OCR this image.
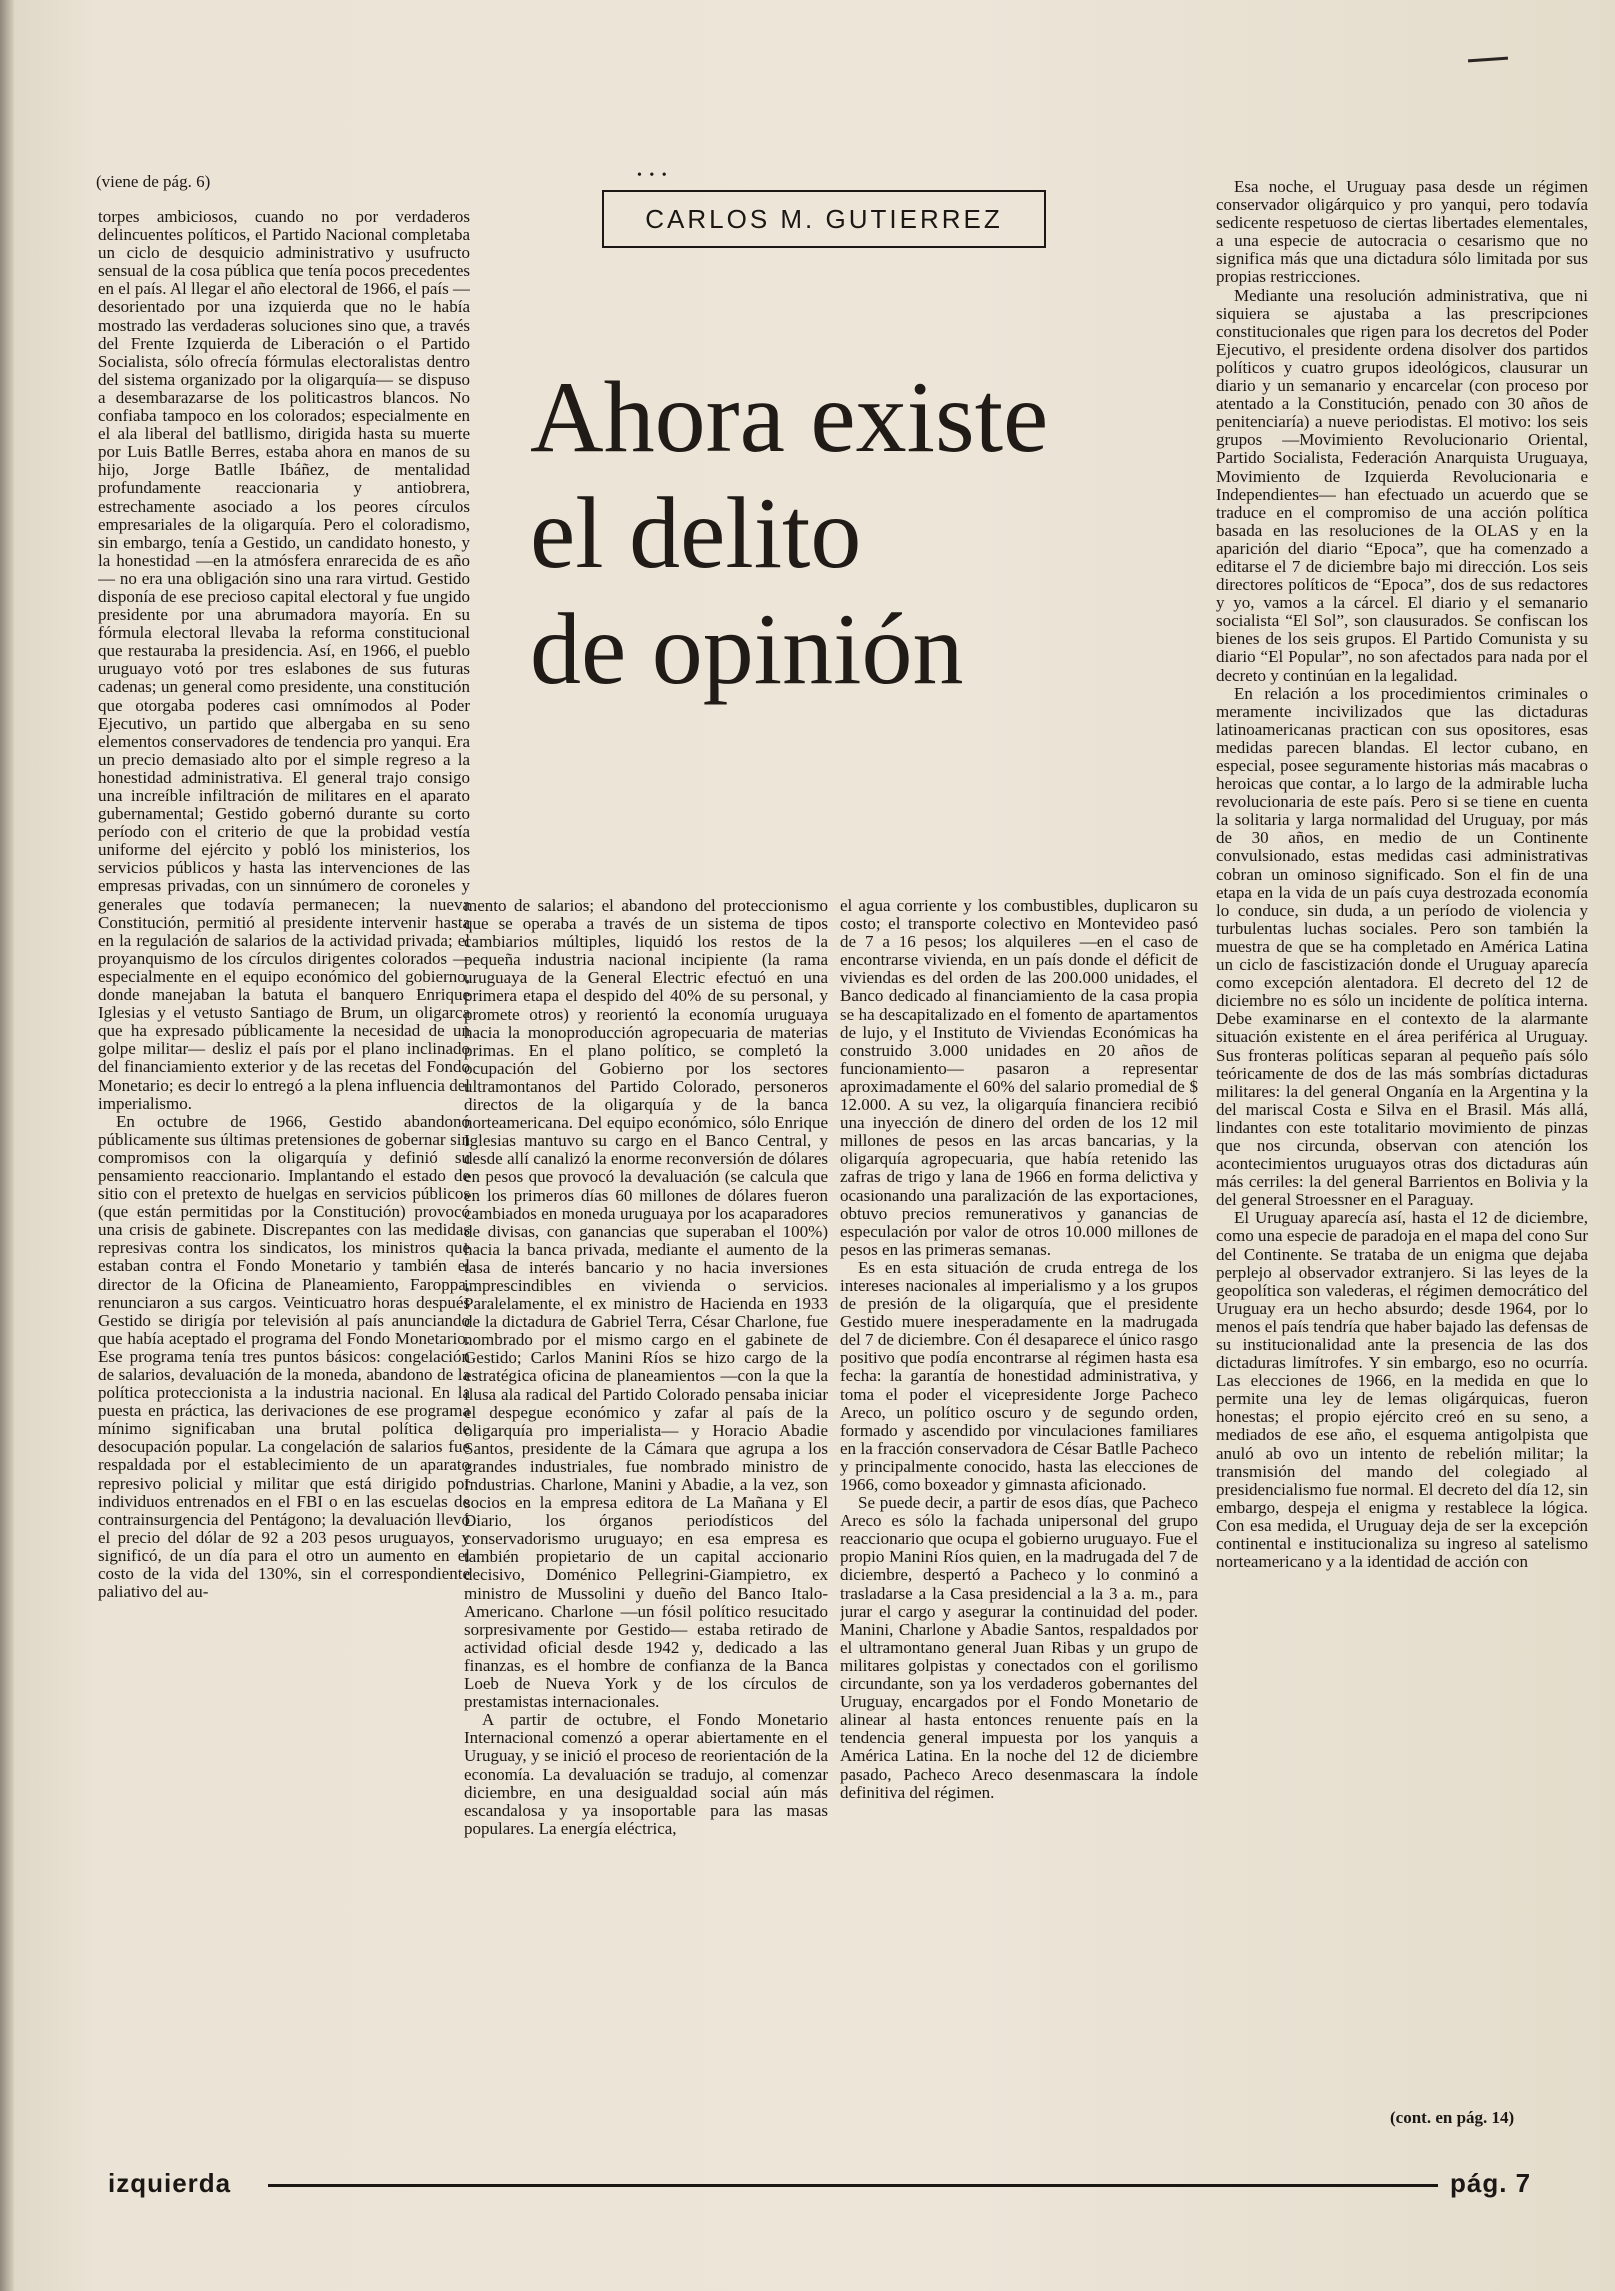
(viene de pág. 6)	• • •
CARLOS M. GUTIERREZ
Ahora existe
el delito
de opinión

torpes ambiciosos, cuando no por verdaderos delincuentes políticos, el Partido Nacional completaba un ciclo de desquicio administrativo y usufructo sensual de la cosa pública que tenía pocos precedentes en el país. Al llegar el año electoral de 1966, el país —desorientado por una izquierda que no le había mostrado las verdaderas soluciones sino que, a través del Frente Izquierda de Liberación o el Partido Socialista, sólo ofrecía fórmulas electoralistas dentro del sistema organizado por la oligarquía— se dispuso a desembarazarse de los politicastros blancos. No confiaba tampoco en los colorados; especialmente en el ala liberal del batllismo, dirigida hasta su muerte por Luis Batlle Berres, estaba ahora en manos de su hijo, Jorge Batlle Ibáñez, de mentalidad profundamente reaccionaria y antiobrera, estrechamente asociado a los peores círculos empresariales de la oligarquía. Pero el coloradismo, sin embargo, tenía a Gestido, un candidato honesto, y la honestidad —en la atmósfera enrarecida de es año— no era una obligación sino una rara virtud. Gestido disponía de ese precioso capital electoral y fue ungido presidente por una abrumadora mayoría. En su fórmula electoral llevaba la reforma constitucional que restauraba la presidencia. Así, en 1966, el pueblo uruguayo votó por tres eslabones de sus futuras cadenas; un general como presidente, una constitución que otorgaba poderes casi omnímodos al Poder Ejecutivo, un partido que albergaba en su seno elementos conservadores de tendencia pro yanqui. Era un precio demasiado alto por el simple regreso a la honestidad administrativa. El general trajo consigo una increíble infiltración de militares en el aparato gubernamental; Gestido gobernó durante su corto período con el criterio de que la probidad vestía uniforme del ejército y pobló los ministerios, los servicios públicos y hasta las intervenciones de las empresas privadas, con un sinnúmero de coroneles y generales que todavía permanecen; la nueva Constitución, permitió al presidente intervenir hasta en la regulación de salarios de la actividad privada; el proyanquismo de los círculos dirigentes colorados —especialmente en el equipo económico del gobierno, donde manejaban la batuta el banquero Enrique Iglesias y el vetusto Santiago de Brum, un oligarca que ha expresado públicamente la necesidad de un golpe militar— desliz el país por el plano inclinado del financiamiento exterior y de las recetas del Fondo Monetario; es decir lo entregó a la plena influencia del imperialismo.

En octubre de 1966, Gestido abandonó públicamente sus últimas pretensiones de gobernar sin compromisos con la oligarquía y definió su pensamiento reaccionario. Implantando el estado de sitio con el pretexto de huelgas en servicios públicos (que están permitidas por la Constitución) provocó una crisis de gabinete. Discrepantes con las medidas represivas contra los sindicatos, los ministros que estaban contra el Fondo Monetario y también el director de la Oficina de Planeamiento, Faroppa, renunciaron a sus cargos. Veinticuatro horas después Gestido se dirigía por televisión al país anunciando que había aceptado el programa del Fondo Monetario. Ese programa tenía tres puntos básicos: congelación de salarios, devaluación de la moneda, abandono de la política proteccionista a la industria nacional. En la puesta en práctica, las derivaciones de ese programa mínimo significaban una brutal política de desocupación popular. La congelación de salarios fue respaldada por el establecimiento de un aparato represivo policial y militar que está dirigido por individuos entrenados en el FBI o en las escuelas de contrainsurgencia del Pentágono; la devaluación llevó el precio del dólar de 92 a 203 pesos uruguayos, y significó, de un día para el otro un aumento en el costo de la vida del 130%, sin el correspondiente paliativo del au-

mento de salarios; el abandono del proteccionismo que se operaba a través de un sistema de tipos cambiarios múltiples, liquidó los restos de la pequeña industria nacional incipiente (la rama uruguaya de la General Electric efectuó en una primera etapa el despido del 40% de su personal, y promete otros) y reorientó la economía uruguaya hacia la monoproducción agropecuaria de materias primas. En el plano político, se completó la ocupación del Gobierno por los sectores ultramontanos del Partido Colorado, personeros directos de la oligarquía y de la banca norteamericana. Del equipo económico, sólo Enrique Iglesias mantuvo su cargo en el Banco Central, y desde allí canalizó la enorme reconversión de dólares en pesos que provocó la devaluación (se calcula que en los primeros días 60 millones de dólares fueron cambiados en moneda uruguaya por los acaparadores de divisas, con ganancias que superaban el 100%) hacia la banca privada, mediante el aumento de la tasa de interés bancario y no hacia inversiones imprescindibles en vivienda o servicios. Paralelamente, el ex ministro de Hacienda en 1933 de la dictadura de Gabriel Terra, César Charlone, fue nombrado por el mismo cargo en el gabinete de Gestido; Carlos Manini Ríos se hizo cargo de la estratégica oficina de planeamientos —con la que la ilusa ala radical del Partido Colorado pensaba iniciar el despegue económico y zafar al país de la oligarquía pro imperialista— y Horacio Abadie Santos, presidente de la Cámara que agrupa a los grandes industriales, fue nombrado ministro de Industrias. Charlone, Manini y Abadie, a la vez, son socios en la empresa editora de La Mañana y El Diario, los órganos periodísticos del conservadorismo uruguayo; en esa empresa es también propietario de un capital accionario decisivo, Doménico Pellegrini-Giampietro, ex ministro de Mussolini y dueño del Banco Italo-Americano. Charlone —un fósil político resucitado sorpresivamente por Gestido— estaba retirado de actividad oficial desde 1942 y, dedicado a las finanzas, es el hombre de confianza de la Banca Loeb de Nueva York y de los círculos de prestamistas internacionales.

A partir de octubre, el Fondo Monetario Internacional comenzó a operar abiertamente en el Uruguay, y se inició el proceso de reorientación de la economía. La devaluación se tradujo, al comenzar diciembre, en una desigualdad social aún más escandalosa y ya insoportable para las masas populares. La energía eléctrica,

el agua corriente y los combustibles, duplicaron su costo; el transporte colectivo en Montevideo pasó de 7 a 16 pesos; los alquileres —en el caso de encontrarse vivienda, en un país donde el déficit de viviendas es del orden de las 200.000 unidades, el Banco dedicado al financiamiento de la casa propia se ha descapitalizado en el fomento de apartamentos de lujo, y el Instituto de Viviendas Económicas ha construido 3.000 unidades en 20 años de funcionamiento— pasaron a representar aproximadamente el 60% del salario promedial de $ 12.000. A su vez, la oligarquía financiera recibió una inyección de dinero del orden de los 12 mil millones de pesos en las arcas bancarias, y la oligarquía agropecuaria, que había retenido las zafras de trigo y lana de 1966 en forma delictiva y ocasionando una paralización de las exportaciones, obtuvo precios remunerativos y ganancias de especulación por valor de otros 10.000 millones de pesos en las primeras semanas.

Es en esta situación de cruda entrega de los intereses nacionales al imperialismo y a los grupos de presión de la oligarquía, que el presidente Gestido muere inesperadamente en la madrugada del 7 de diciembre. Con él desaparece el único rasgo positivo que podía encontrarse al régimen hasta esa fecha: la garantía de honestidad administrativa, y toma el poder el vicepresidente Jorge Pacheco Areco, un político oscuro y de segundo orden, formado y ascendido por vinculaciones familiares en la fracción conservadora de César Batlle Pacheco y principalmente conocido, hasta las elecciones de 1966, como boxeador y gimnasta aficionado.

Se puede decir, a partir de esos días, que Pacheco Areco es sólo la fachada unipersonal del grupo reaccionario que ocupa el gobierno uruguayo. Fue el propio Manini Ríos quien, en la madrugada del 7 de diciembre, despertó a Pacheco y lo conminó a trasladarse a la Casa presidencial a la 3 a. m., para jurar el cargo y asegurar la continuidad del poder. Manini, Charlone y Abadie Santos, respaldados por el ultramontano general Juan Ribas y un grupo de militares golpistas y conectados con el gorilismo circundante, son ya los verdaderos gobernantes del Uruguay, encargados por el Fondo Monetario de alinear al hasta entonces renuente país en la tendencia general impuesta por los yanquis a América Latina. En la noche del 12 de diciembre pasado, Pacheco Areco desenmascara la índole definitiva del régimen.

Esa noche, el Uruguay pasa desde un régimen conservador oligárquico y pro yanqui, pero todavía sedicente respetuoso de ciertas libertades elementales, a una especie de autocracia o cesarismo que no significa más que una dictadura sólo limitada por sus propias restricciones.

Mediante una resolución administrativa, que ni siquiera se ajustaba a las prescripciones constitucionales que rigen para los decretos del Poder Ejecutivo, el presidente ordena disolver dos partidos políticos y cuatro grupos ideológicos, clausurar un diario y un semanario y encarcelar (con proceso por atentado a la Constitución, penado con 30 años de penitenciaría) a nueve periodistas. El motivo: los seis grupos —Movimiento Revolucionario Oriental, Partido Socialista, Federación Anarquista Uruguaya, Movimiento de Izquierda Revolucionaria e Independientes— han efectuado un acuerdo que se traduce en el compromiso de una acción política basada en las resoluciones de la OLAS y en la aparición del diario “Epoca”, que ha comenzado a editarse el 7 de diciembre bajo mi dirección. Los seis directores políticos de “Epoca”, dos de sus redactores y yo, vamos a la cárcel. El diario y el semanario socialista “El Sol”, son clausurados. Se confiscan los bienes de los seis grupos. El Partido Comunista y su diario “El Popular”, no son afectados para nada por el decreto y continúan en la legalidad.

En relación a los procedimientos criminales o meramente incivilizados que las dictaduras latinoamericanas practican con sus opositores, esas medidas parecen blandas. El lector cubano, en especial, posee seguramente historias más macabras o heroicas que contar, a lo largo de la admirable lucha revolucionaria de este país. Pero si se tiene en cuenta la solitaria y larga normalidad del Uruguay, por más de 30 años, en medio de un Continente convulsionado, estas medidas casi administrativas cobran un ominoso significado. Son el fin de una etapa en la vida de un país cuya destrozada economía lo conduce, sin duda, a un período de violencia y turbulentas luchas sociales. Pero son también la muestra de que se ha completado en América Latina un ciclo de fascistización donde el Uruguay aparecía como excepción alentadora. El decreto del 12 de diciembre no es sólo un incidente de política interna. Debe examinarse en el contexto de la alarmante situación existente en el área periférica al Uruguay. Sus fronteras políticas separan al pequeño país sólo teóricamente de dos de las más sombrías dictaduras militares: la del general Onganía en la Argentina y la del mariscal Costa e Silva en el Brasil. Más allá, lindantes con este totalitario movimiento de pinzas que nos circunda, observan con atención los acontecimientos uruguayos otras dos dictaduras aún más cerriles: la del general Barrientos en Bolivia y la del general Stroessner en el Paraguay.

El Uruguay aparecía así, hasta el 12 de diciembre, como una especie de paradoja en el mapa del cono Sur del Continente. Se trataba de un enigma que dejaba perplejo al observador extranjero. Si las leyes de la geopolítica son valederas, el régimen democrático del Uruguay era un hecho absurdo; desde 1964, por lo menos el país tendría que haber bajado las defensas de su institucionalidad ante la presencia de las dos dictaduras limítrofes. Y sin embargo, eso no ocurría. Las elecciones de 1966, en la medida en que lo permite una ley de lemas oligárquicas, fueron honestas; el propio ejército creó en su seno, a mediados de ese año, el esquema antigolpista que anuló ab ovo un intento de rebelión militar; la transmisión del mando del colegiado al presidencialismo fue normal. El decreto del día 12, sin embargo, despeja el enigma y restablece la lógica. Con esa medida, el Uruguay deja de ser la excepción continental e institucionaliza su ingreso al satelismo norteamericano y a la identidad de acción con

(cont. en pág. 14)
izquierda	pág. 7
